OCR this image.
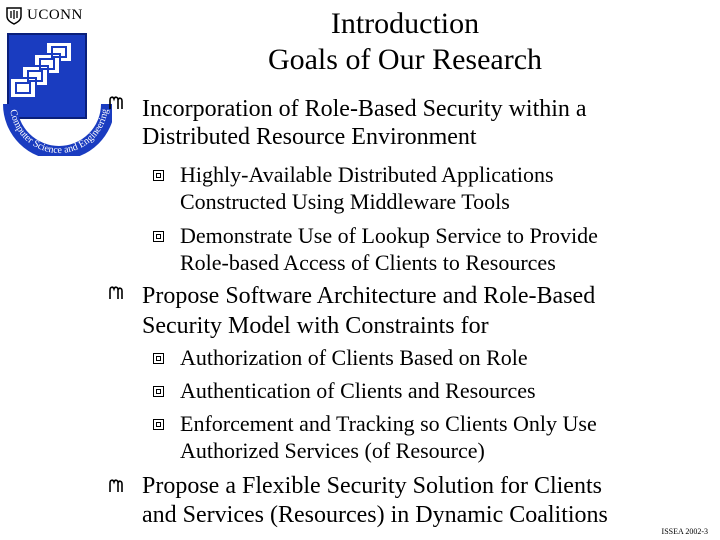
UCONN
Computer Science and Engineering
Introduction
Goals of Our Research
Incorporation of Role-Based Security within a
Distributed Resource Environment
Highly-Available Distributed Applications
Constructed Using Middleware Tools
Demonstrate Use of Lookup Service to Provide
Role-based Access of Clients to Resources
Propose Software Architecture and Role-Based
Security Model with Constraints for
Authorization of Clients Based on Role
Authentication of Clients and Resources
Enforcement and Tracking so Clients Only Use
Authorized Services (of Resource)
Propose a Flexible Security Solution for Clients
and Services (Resources) in Dynamic Coalitions
ISSEA 2002-3
